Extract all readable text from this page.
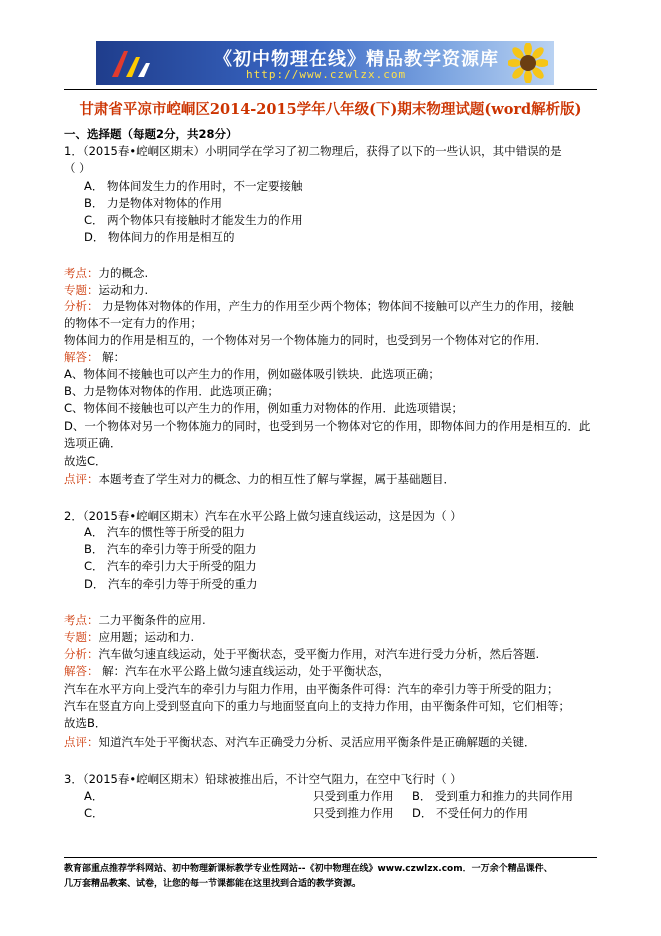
《初中物理在线》精品教学资源库
http://www.czwlzx.com
甘肃省平凉市崆峒区2014-2015学年八年级(下)期末物理试题(word解析版)
一、选择题（每题2分，共28分）
1．（2015春•崆峒区期末）小明同学在学习了初二物理后，获得了以下的一些认识，其中错误的是
（ ）
A． 物体间发生力的作用时，不一定要接触
B． 力是物体对物体的作用
C． 两个物体只有接触时才能发生力的作用
D． 物体间力的作用是相互的
考点：力的概念.
专题：运动和力.
分析： 力是物体对物体的作用，产生力的作用至少两个物体；物体间不接触可以产生力的作用，接触
的物体不一定有力的作用；
物体间力的作用是相互的，一个物体对另一个物体施力的同时，也受到另一个物体对它的作用．
解答： 解：
A、物体间不接触也可以产生力的作用，例如磁体吸引铁块．此选项正确；
B、力是物体对物体的作用．此选项正确；
C、物体间不接触也可以产生力的作用，例如重力对物体的作用．此选项错误；
D、一个物体对另一个物体施力的同时，也受到另一个物体对它的作用，即物体间力的作用是相互的．此
选项正确．
故选C．
点评：本题考查了学生对力的概念、力的相互性了解与掌握，属于基础题目．
2．（2015春•崆峒区期末）汽车在水平公路上做匀速直线运动，这是因为（ ）
A． 汽车的惯性等于所受的阻力
B． 汽车的牵引力等于所受的阻力
C． 汽车的牵引力大于所受的阻力
D． 汽车的牵引力等于所受的重力
考点：二力平衡条件的应用.
专题：应用题；运动和力.
分析：汽车做匀速直线运动，处于平衡状态，受平衡力作用，对汽车进行受力分析，然后答题.
解答： 解：汽车在水平公路上做匀速直线运动，处于平衡状态，
汽车在水平方向上受汽车的牵引力与阻力作用，由平衡条件可得：汽车的牵引力等于所受的阻力；
汽车在竖直方向上受到竖直向下的重力与地面竖直向上的支持力作用，由平衡条件可知，它们相等；
故选B．
点评：知道汽车处于平衡状态、对汽车正确受力分析、灵活应用平衡条件是正确解题的关键．
3．（2015春•崆峒区期末）铅球被推出后，不计空气阻力，在空中飞行时（ ）
A．	只受到重力作用 B． 受到重力和推力的共同作用
C．	只受到推力作用 D． 不受任何力的作用
教育部重点推荐学科网站、初中物理新课标教学专业性网站--《初中物理在线》www.czwlzx.com．一万余个精品课件、
几万套精品教案、试卷，让您的每一节课都能在这里找到合适的教学资源。
